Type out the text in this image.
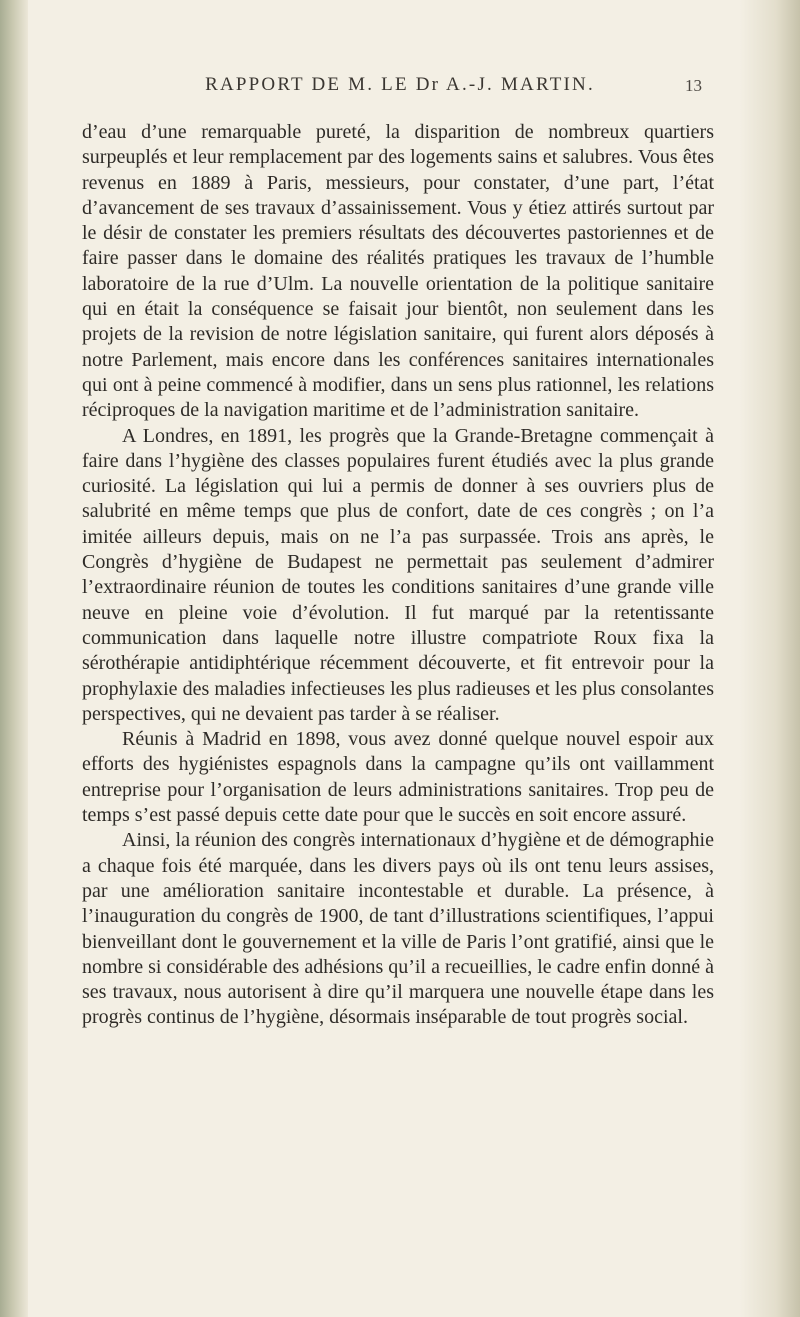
RAPPORT DE M. LE Dr A.-J. MARTIN.	13

d’eau d’une remarquable pureté, la disparition de nombreux quartiers surpeuplés et leur remplacement par des logements sains et salubres. Vous êtes revenus en 1889 à Paris, messieurs, pour constater, d’une part, l’état d’avancement de ses travaux d’assainissement. Vous y étiez attirés surtout par le désir de constater les premiers résultats des découvertes pastoriennes et de faire passer dans le domaine des réalités pratiques les travaux de l’humble laboratoire de la rue d’Ulm. La nouvelle orientation de la politique sanitaire qui en était la conséquence se faisait jour bientôt, non seulement dans les projets de la revision de notre législation sanitaire, qui furent alors déposés à notre Parlement, mais encore dans les conférences sanitaires internationales qui ont à peine commencé à modifier, dans un sens plus rationnel, les relations réciproques de la navigation maritime et de l’administration sanitaire.

A Londres, en 1891, les progrès que la Grande-Bretagne commençait à faire dans l’hygiène des classes populaires furent étudiés avec la plus grande curiosité. La législation qui lui a permis de donner à ses ouvriers plus de salubrité en même temps que plus de confort, date de ces congrès ; on l’a imitée ailleurs depuis, mais on ne l’a pas surpassée. Trois ans après, le Congrès d’hygiène de Budapest ne permettait pas seulement d’admirer l’extraordinaire réunion de toutes les conditions sanitaires d’une grande ville neuve en pleine voie d’évolution. Il fut marqué par la retentissante communication dans laquelle notre illustre compatriote Roux fixa la sérothérapie antidiphtérique récemment découverte, et fit entrevoir pour la prophylaxie des maladies infectieuses les plus radieuses et les plus consolantes perspectives, qui ne devaient pas tarder à se réaliser.

Réunis à Madrid en 1898, vous avez donné quelque nouvel espoir aux efforts des hygiénistes espagnols dans la campagne qu’ils ont vaillamment entreprise pour l’organisation de leurs administrations sanitaires. Trop peu de temps s’est passé depuis cette date pour que le succès en soit encore assuré.

Ainsi, la réunion des congrès internationaux d’hygiène et de démographie a chaque fois été marquée, dans les divers pays où ils ont tenu leurs assises, par une amélioration sanitaire incontestable et durable. La présence, à l’inauguration du congrès de 1900, de tant d’illustrations scientifiques, l’appui bienveillant dont le gouvernement et la ville de Paris l’ont gratifié, ainsi que le nombre si considérable des adhésions qu’il a recueillies, le cadre enfin donné à ses travaux, nous autorisent à dire qu’il marquera une nouvelle étape dans les progrès continus de l’hygiène, désormais inséparable de tout progrès social.
